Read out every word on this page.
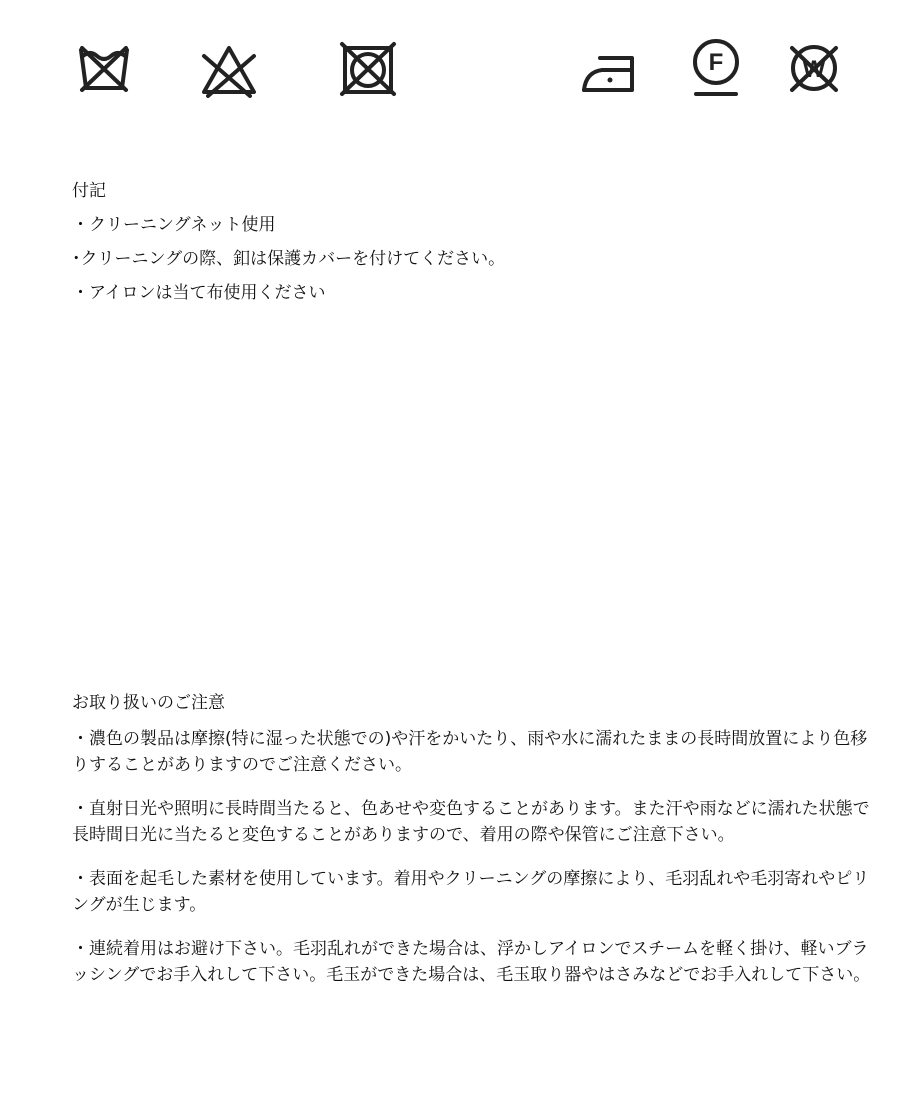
F	W
付記
・クリーニングネット使用
･クリーニングの際、釦は保護カバーを付けてください。
・アイロンは当て布使用ください
お取り扱いのご注意
・濃色の製品は摩擦(特に湿った状態での)や汗をかいたり、雨や水に濡れたままの長時間放置により色移りすることがありますのでご注意ください。
・直射日光や照明に長時間当たると、色あせや変色することがあります。また汗や雨などに濡れた状態で長時間日光に当たると変色することがありますので、着用の際や保管にご注意下さい。
・表面を起毛した素材を使用しています。着用やクリーニングの摩擦により、毛羽乱れや毛羽寄れやピリングが生じます。
・連続着用はお避け下さい。毛羽乱れができた場合は、浮かしアイロンでスチームを軽く掛け、軽いブラッシングでお手入れして下さい。毛玉ができた場合は、毛玉取り器やはさみなどでお手入れして下さい。
